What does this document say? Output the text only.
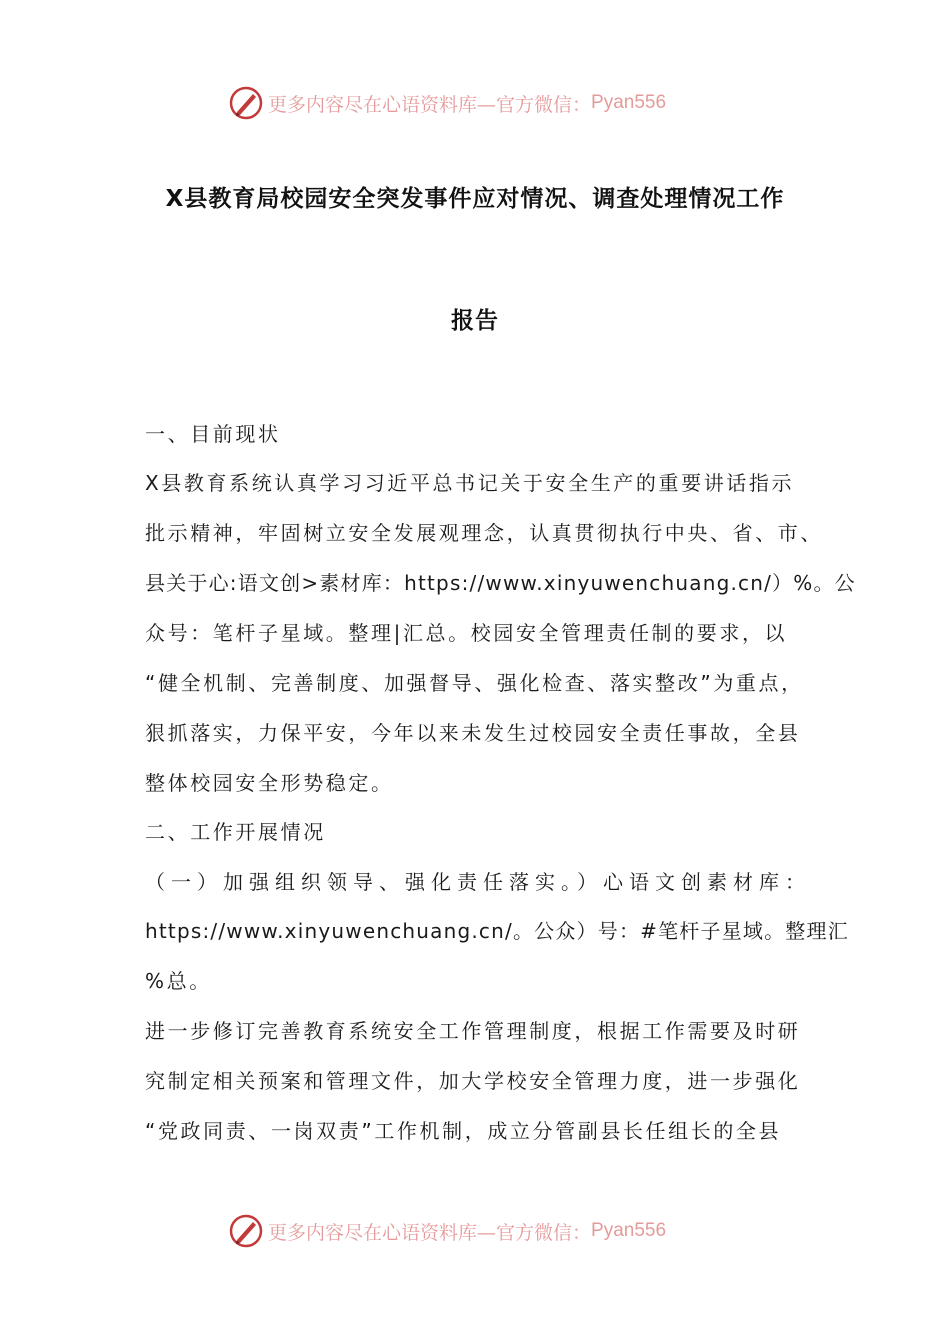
更多内容尽在心语资料库—官方微信： Pyan556
X县教育局校园安全突发事件应对情况、调查处理情况工作
报告
一、目前现状
X县教育系统认真学习习近平总书记关于安全生产的重要讲话指示
批示精神，牢固树立安全发展观理念，认真贯彻执行中央、省、市、
县关于心:语文创>素材库：https://www.xinyuwenchuang.cn/）%。公
众号：笔杆子星域。整理|汇总。校园安全管理责任制的要求，以
“健全机制、完善制度、加强督导、强化检查、落实整改”为重点，
狠抓落实，力保平安，今年以来未发生过校园安全责任事故，全县
整体校园安全形势稳定。
二、工作开展情况
（一）加强组织领导、强化责任落实。）心语文创素材库：
https://www.xinyuwenchuang.cn/。公众）号：#笔杆子星域。整理汇
%总。
进一步修订完善教育系统安全工作管理制度，根据工作需要及时研
究制定相关预案和管理文件，加大学校安全管理力度，进一步强化
“党政同责、一岗双责”工作机制，成立分管副县长任组长的全县
更多内容尽在心语资料库—官方微信： Pyan556
